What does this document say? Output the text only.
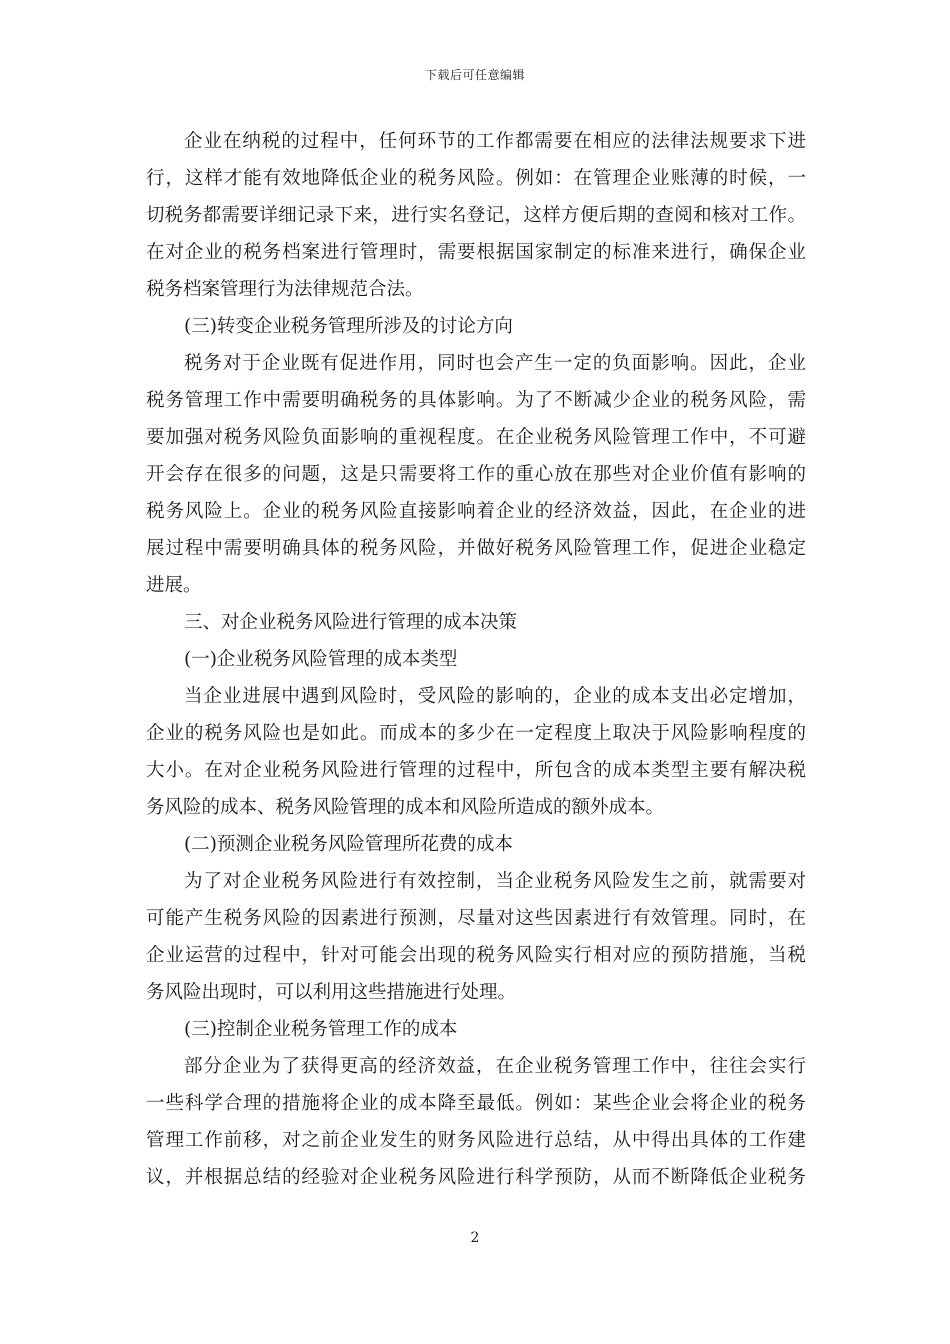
下载后可任意编辑
企业在纳税的过程中，任何环节的工作都需要在相应的法律法规要求下进
行，这样才能有效地降低企业的税务风险。例如：在管理企业账薄的时候，一
切税务都需要详细记录下来，进行实名登记，这样方便后期的查阅和核对工作。
在对企业的税务档案进行管理时，需要根据国家制定的标准来进行，确保企业
税务档案管理行为法律规范合法。
(三)转变企业税务管理所涉及的讨论方向
税务对于企业既有促进作用，同时也会产生一定的负面影响。因此，企业
税务管理工作中需要明确税务的具体影响。为了不断减少企业的税务风险，需
要加强对税务风险负面影响的重视程度。在企业税务风险管理工作中，不可避
开会存在很多的问题，这是只需要将工作的重心放在那些对企业价值有影响的
税务风险上。企业的税务风险直接影响着企业的经济效益，因此，在企业的进
展过程中需要明确具体的税务风险，并做好税务风险管理工作，促进企业稳定
进展。
三、对企业税务风险进行管理的成本决策
(一)企业税务风险管理的成本类型
当企业进展中遇到风险时，受风险的影响的，企业的成本支出必定增加，
企业的税务风险也是如此。而成本的多少在一定程度上取决于风险影响程度的
大小。在对企业税务风险进行管理的过程中，所包含的成本类型主要有解决税
务风险的成本、税务风险管理的成本和风险所造成的额外成本。
(二)预测企业税务风险管理所花费的成本
为了对企业税务风险进行有效控制，当企业税务风险发生之前，就需要对
可能产生税务风险的因素进行预测，尽量对这些因素进行有效管理。同时，在
企业运营的过程中，针对可能会出现的税务风险实行相对应的预防措施，当税
务风险出现时，可以利用这些措施进行处理。
(三)控制企业税务管理工作的成本
部分企业为了获得更高的经济效益，在企业税务管理工作中，往往会实行
一些科学合理的措施将企业的成本降至最低。例如：某些企业会将企业的税务
管理工作前移，对之前企业发生的财务风险进行总结，从中得出具体的工作建
议，并根据总结的经验对企业税务风险进行科学预防，从而不断降低企业税务
2
